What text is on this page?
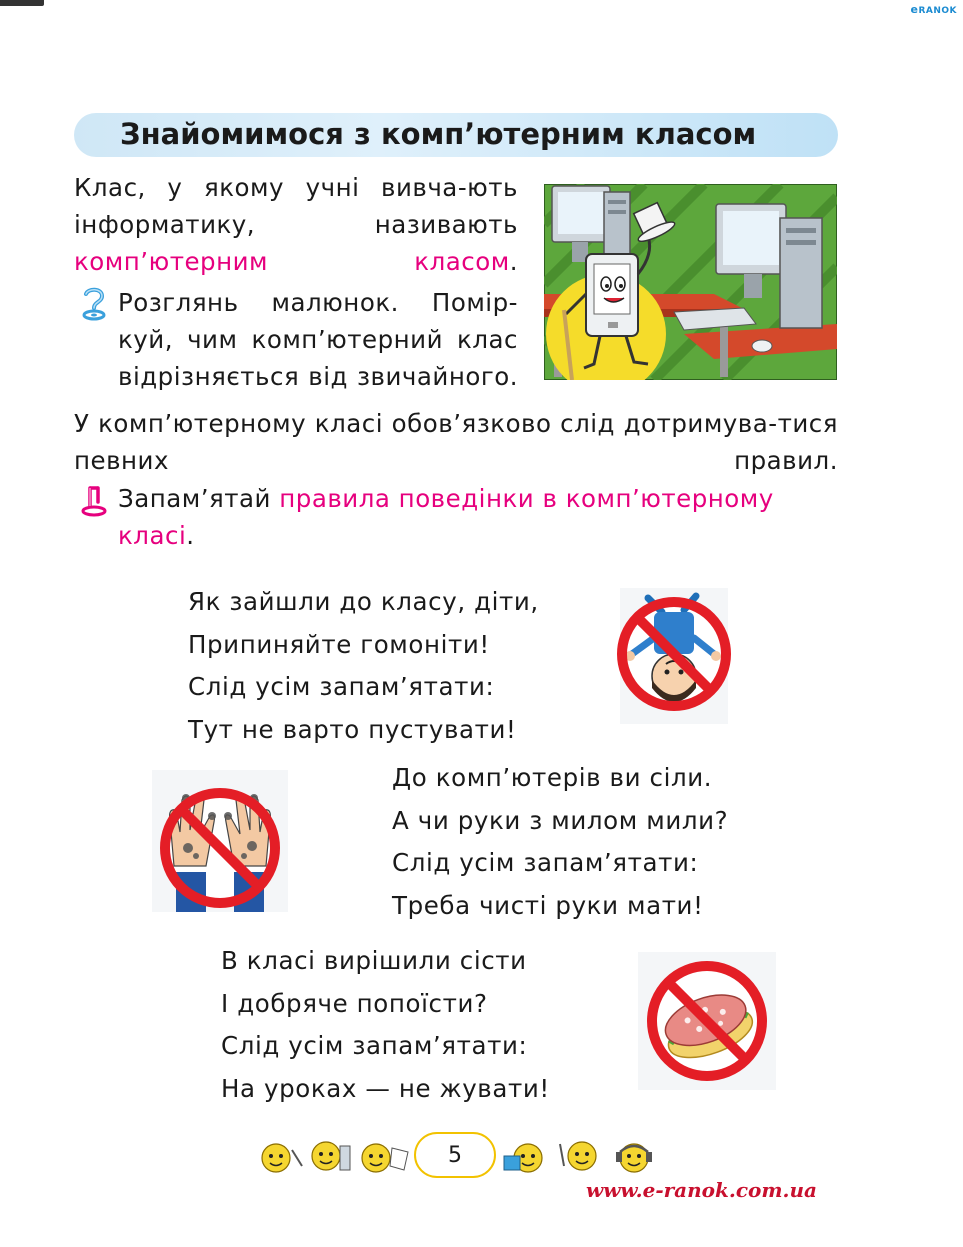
eRANOK
Знайомимося з комп’ютерним класом
Клас, у якому учні вивча-ють інформатику, називають комп’ютерним класом.
Розглянь малюнок. Помір-куй, чим комп’ютерний клас відрізняється від звичайного.
У комп’ютерному класі обов’язково слід дотримува-тися певних правил.
Запам’ятай правила поведінки в комп’ютерному класі.
Як зайшли до класу, діти,
Припиняйте гомоніти!
Слід усім запам’ятати:
Тут не варто пустувати!
До комп’ютерів ви сіли.
А чи руки з милом мили?
Слід усім запам’ятати:
Треба чисті руки мати!
В класі вирішили сісти
І добряче попоїсти?
Слід усім запам’ятати:
На уроках — не жувати!
5
www.e-ranok.com.ua
